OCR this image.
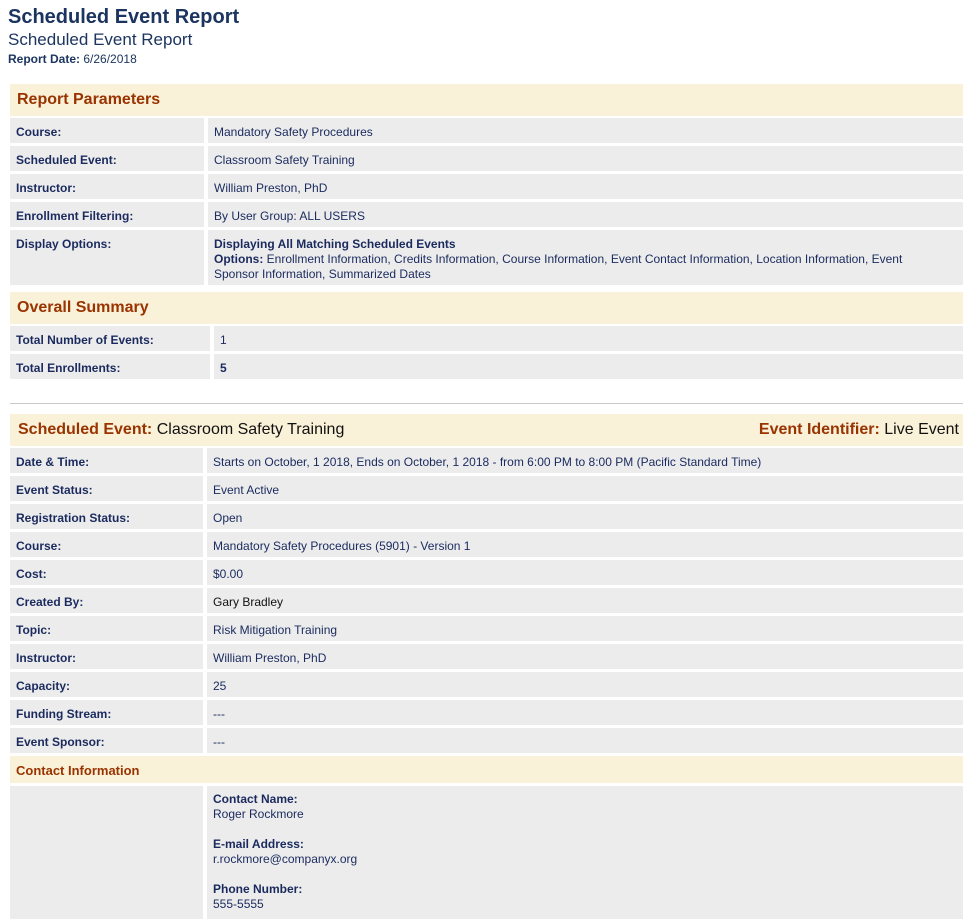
Scheduled Event Report
Scheduled Event Report
Report Date: 6/26/2018
Report Parameters
Course:	Mandatory Safety Procedures
Scheduled Event:	Classroom Safety Training
Instructor:	William Preston, PhD
Enrollment Filtering:	By User Group: ALL USERS
Display Options:	Displaying All Matching Scheduled Events
Options: Enrollment Information, Credits Information, Course Information, Event Contact Information, Location Information, Event Sponsor Information, Summarized Dates
Overall Summary
Total Number of Events:	1
Total Enrollments:	5
Scheduled Event: Classroom Safety Training	Event Identifier: Live Event
Date & Time:	Starts on October, 1 2018, Ends on October, 1 2018 - from 6:00 PM to 8:00 PM (Pacific Standard Time)
Event Status:	Event Active
Registration Status:	Open
Course:	Mandatory Safety Procedures (5901) - Version 1
Cost:	$0.00
Created By:	Gary Bradley
Topic:	Risk Mitigation Training
Instructor:	William Preston, PhD
Capacity:	25
Funding Stream:	---
Event Sponsor:	---
Contact Information
Contact Name:
Roger Rockmore
E-mail Address:
r.rockmore@companyx.org
Phone Number:
555-5555
